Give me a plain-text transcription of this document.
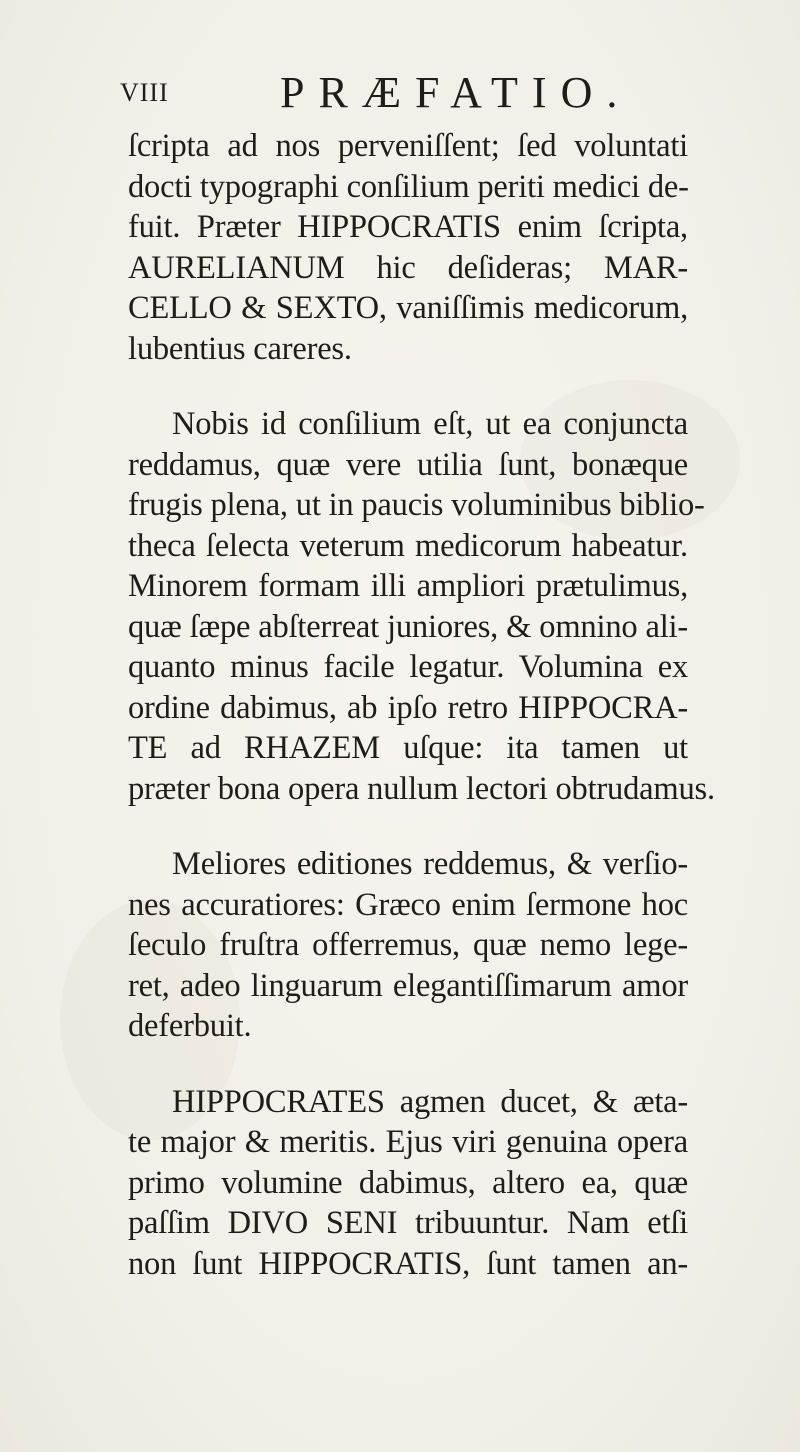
VIII	PRÆFATIO.

ſcripta ad nos perveniſſent; ſed voluntati
docti typographi conſilium periti medici de-
fuit. Præter HIPPOCRATIS enim ſcripta,
AURELIANUM hic deſideras; MAR-
CELLO & SEXTO, vaniſſimis medicorum,
lubentius careres.

Nobis id conſilium eſt, ut ea conjuncta
reddamus, quæ vere utilia ſunt, bonæque
frugis plena, ut in paucis voluminibus biblio-
theca ſelecta veterum medicorum habeatur.
Minorem formam illi ampliori prætulimus,
quæ ſæpe abſterreat juniores, & omnino ali-
quanto minus facile legatur. Volumina ex
ordine dabimus, ab ipſo retro HIPPOCRA-
TE ad RHAZEM uſque: ita tamen ut
præter bona opera nullum lectori obtrudamus.

Meliores editiones reddemus, & verſio-
nes accuratiores: Græco enim ſermone hoc
ſeculo fruſtra offerremus, quæ nemo lege-
ret, adeo linguarum elegantiſſimarum amor
deferbuit.

HIPPOCRATES agmen ducet, & æta-
te major & meritis. Ejus viri genuina opera
primo volumine dabimus, altero ea, quæ
paſſim DIVO SENI tribuuntur. Nam etſi
non ſunt HIPPOCRATIS, ſunt tamen an-
